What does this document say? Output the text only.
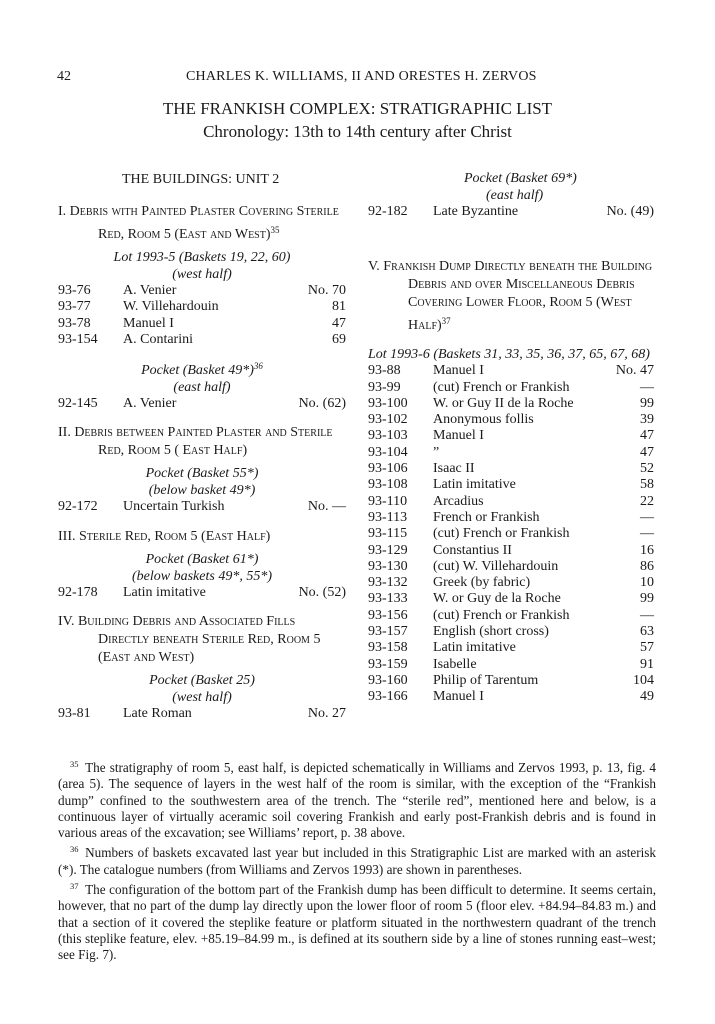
42	CHARLES K. WILLIAMS, II AND ORESTES H. ZERVOS
THE FRANKISH COMPLEX: STRATIGRAPHIC LIST
Chronology: 13th to 14th century after Christ
THE BUILDINGS: UNIT 2
I. Debris with Painted Plaster Covering Sterile Red, Room 5 (East and West)$^{35}$
Lot 1993-5 (Baskets 19, 22, 60)
(west half)
93-76	A. Venier	No. 70
93-77	W. Villehardouin	81
93-78	Manuel I	47
93-154	A. Contarini	69
Pocket (Basket 49*)$^{36}$
(east half)
92-145	A. Venier	No. (62)
II. Debris between Painted Plaster and Sterile Red, Room 5 ( East Half)
Pocket (Basket 55*)
(below basket 49*)
92-172	Uncertain Turkish	No. —
III. Sterile Red, Room 5 (East Half)
Pocket (Basket 61*)
(below baskets 49*, 55*)
92-178	Latin imitative	No. (52)
IV. Building Debris and Associated Fills Directly beneath Sterile Red, Room 5 (East and West)
Pocket (Basket 25)
(west half)
93-81	Late Roman	No. 27
Pocket (Basket 69*)
(east half)
92-182	Late Byzantine	No. (49)
V. Frankish Dump Directly beneath the Building Debris and over Miscellaneous Debris Covering Lower Floor, Room 5 (West Half)$^{37}$
Lot 1993-6 (Baskets 31, 33, 35, 36, 37, 65, 67, 68)
93-88	Manuel I	No. 47
93-99	(cut) French or Frankish	—
93-100	W. or Guy II de la Roche	99
93-102	Anonymous follis	39
93-103	Manuel I	47
93-104	”	47
93-106	Isaac II	52
93-108	Latin imitative	58
93-110	Arcadius	22
93-113	French or Frankish	—
93-115	(cut) French or Frankish	—
93-129	Constantius II	16
93-130	(cut) W. Villehardouin	86
93-132	Greek (by fabric)	10
93-133	W. or Guy de la Roche	99
93-156	(cut) French or Frankish	—
93-157	English (short cross)	63
93-158	Latin imitative	57
93-159	Isabelle	91
93-160	Philip of Tarentum	104
93-166	Manuel I	49

$^{35}$  The stratigraphy of room 5, east half, is depicted schematically in Williams and Zervos 1993, p. 13, fig. 4 (area 5). The sequence of layers in the west half of the room is similar, with the exception of the “Frankish dump” confined to the southwestern area of the trench. The “sterile red”, mentioned here and below, is a continuous layer of virtually aceramic soil covering Frankish and early post-Frankish debris and is found in various areas of the excavation; see Williams’ report, p. 38 above.

$^{36}$  Numbers of baskets excavated last year but included in this Stratigraphic List are marked with an asterisk (*). The catalogue numbers (from Williams and Zervos 1993) are shown in parentheses.

$^{37}$  The configuration of the bottom part of the Frankish dump has been difficult to determine. It seems certain, however, that no part of the dump lay directly upon the lower floor of room 5 (floor elev. +84.94–84.83 m.) and that a section of it covered the steplike feature or platform situated in the northwestern quadrant of the trench (this steplike feature, elev. +85.19–84.99 m., is defined at its southern side by a line of stones running east–west; see Fig. 7).
